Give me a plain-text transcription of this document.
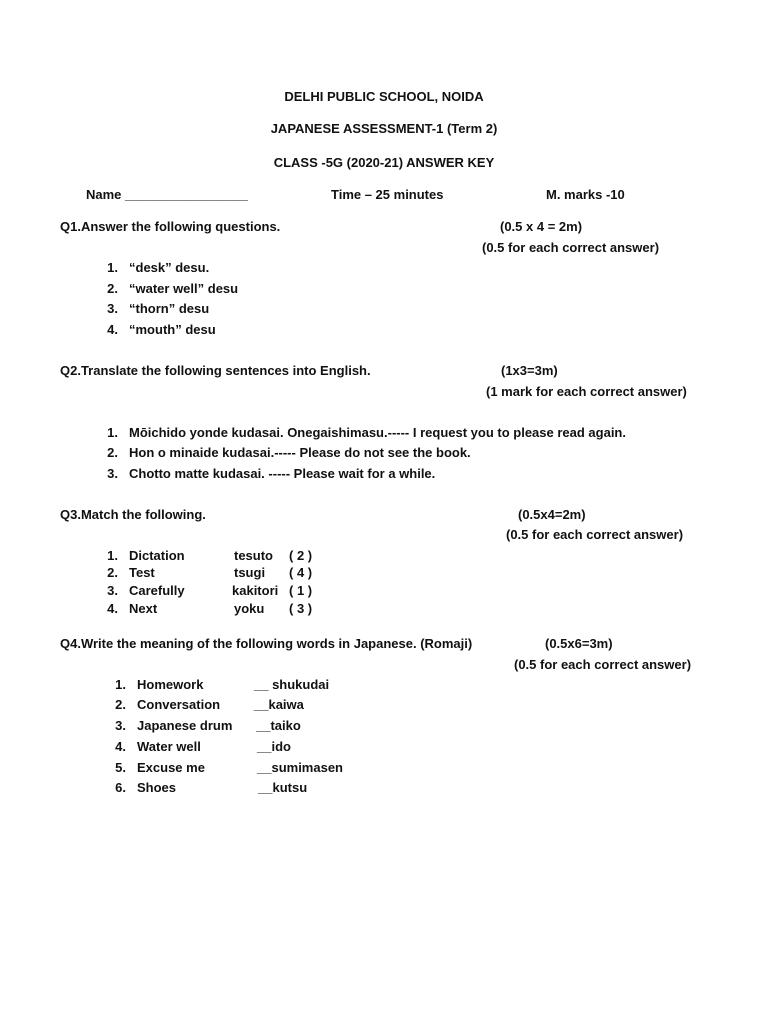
DELHI PUBLIC SCHOOL, NOIDA
JAPANESE ASSESSMENT-1 (Term 2)
CLASS -5G (2020-21) ANSWER KEY
Name _________________	Time – 25 minutes	M. marks -10
Q1.Answer the following questions.	(0.5 x 4 = 2m)
(0.5 for each correct answer)
1. “desk” desu.
2. “water well” desu
3. “thorn” desu
4. “mouth” desu
Q2.Translate the following sentences into English.	(1x3=3m)
(1 mark for each correct answer)
1. Mōichido yonde kudasai. Onegaishimasu.----- I request you to please read again.
2. Hon o minaide kudasai.----- Please do not see the book.
3. Chotto matte kudasai. ----- Please wait for a while.
Q3.Match the following.	(0.5x4=2m)
(0.5 for each correct answer)
1. Dictation	tesuto ( 2 )
2. Test	tsugi ( 4 )
3. Carefully	kakitori ( 1 )
4. Next	yoku ( 3 )
Q4.Write the meaning of the following words in Japanese. (Romaji)	(0.5x6=3m)
(0.5 for each correct answer)
1. Homework	__ shukudai
2. Conversation	__kaiwa
3. Japanese drum __taiko
4. Water well	__ido
5. Excuse me	__sumimasen
6. Shoes	__kutsu
